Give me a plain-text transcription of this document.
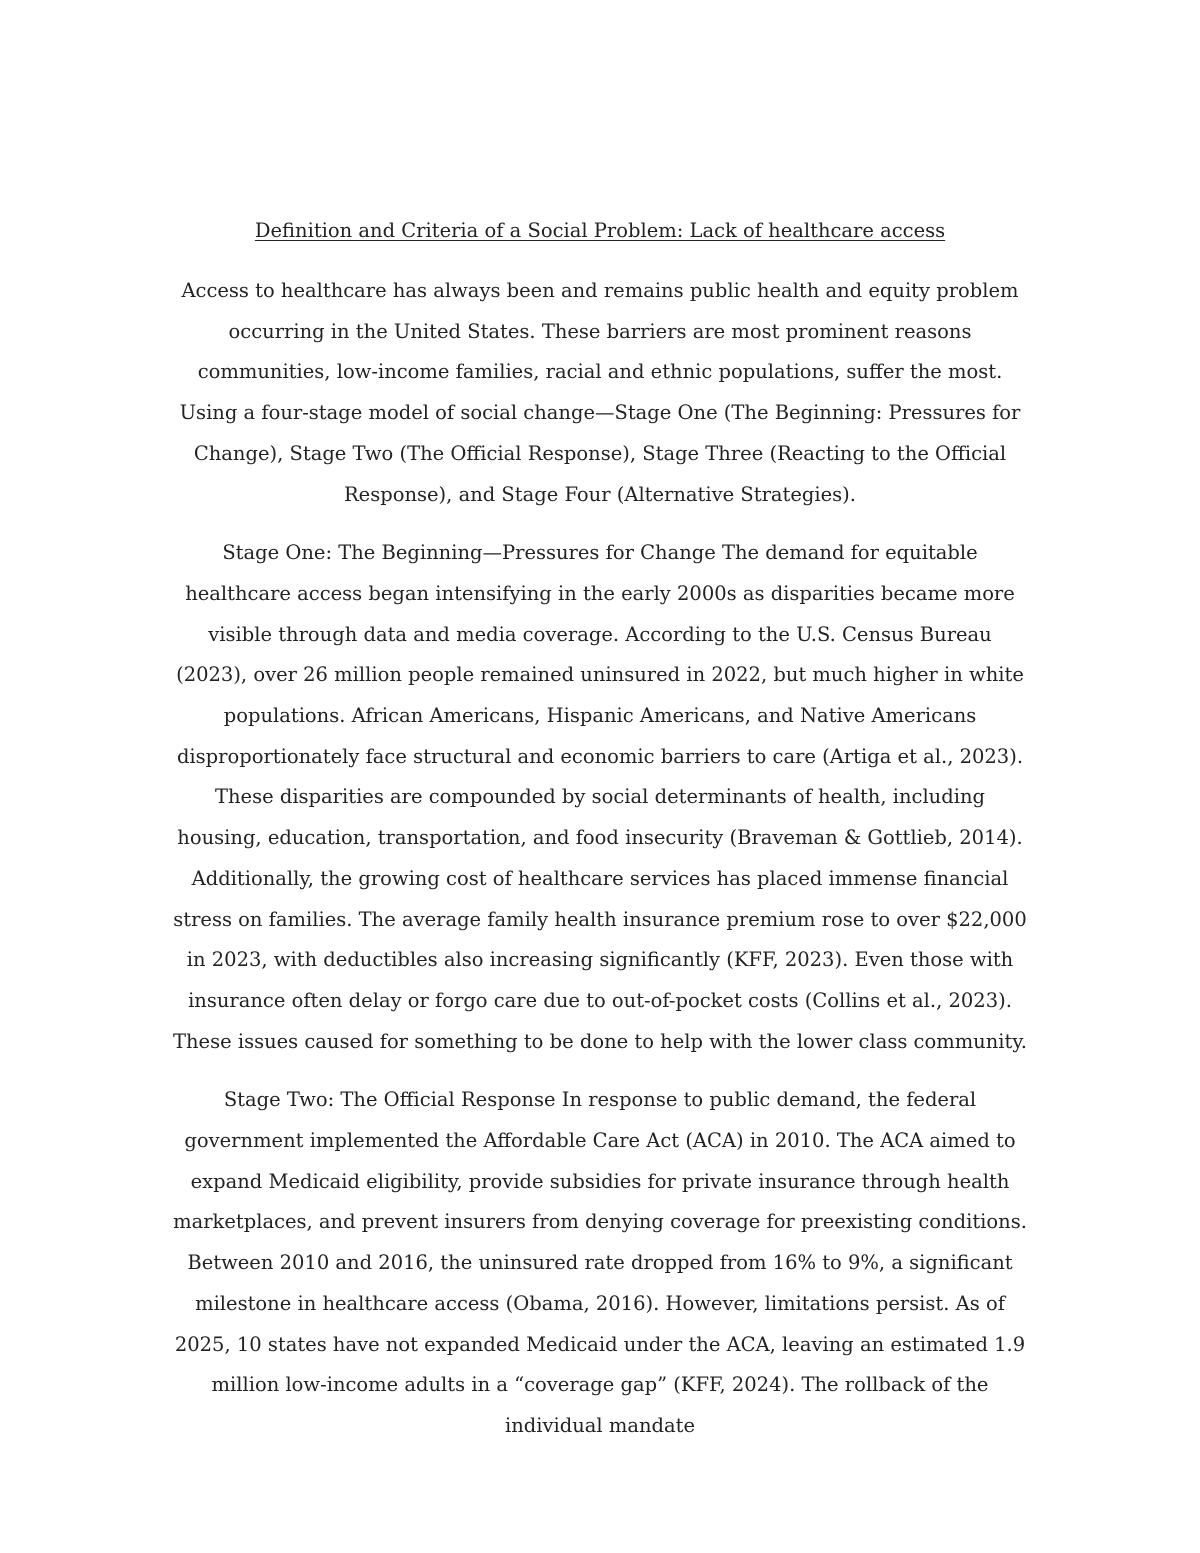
Definition and Criteria of a Social Problem: Lack of healthcare access

Access to healthcare has always been and remains public health and equity problem occurring in the United States. These barriers are most prominent reasons communities, low-income families, racial and ethnic populations, suffer the most. Using a four-stage model of social change—Stage One (The Beginning: Pressures for Change), Stage Two (The Official Response), Stage Three (Reacting to the Official Response), and Stage Four (Alternative Strategies).

Stage One: The Beginning—Pressures for Change The demand for equitable healthcare access began intensifying in the early 2000s as disparities became more visible through data and media coverage. According to the U.S. Census Bureau (2023), over 26 million people remained uninsured in 2022, but much higher in white populations. African Americans, Hispanic Americans, and Native Americans disproportionately face structural and economic barriers to care (Artiga et al., 2023). These disparities are compounded by social determinants of health, including housing, education, transportation, and food insecurity (Braveman & Gottlieb, 2014). Additionally, the growing cost of healthcare services has placed immense financial stress on families. The average family health insurance premium rose to over $22,000 in 2023, with deductibles also increasing significantly (KFF, 2023). Even those with insurance often delay or forgo care due to out-of-pocket costs (Collins et al., 2023). These issues caused for something to be done to help with the lower class community.

Stage Two: The Official Response In response to public demand, the federal government implemented the Affordable Care Act (ACA) in 2010. The ACA aimed to expand Medicaid eligibility, provide subsidies for private insurance through health marketplaces, and prevent insurers from denying coverage for preexisting conditions. Between 2010 and 2016, the uninsured rate dropped from 16% to 9%, a significant milestone in healthcare access (Obama, 2016). However, limitations persist. As of 2025, 10 states have not expanded Medicaid under the ACA, leaving an estimated 1.9 million low-income adults in a “coverage gap” (KFF, 2024). The rollback of the individual mandate
